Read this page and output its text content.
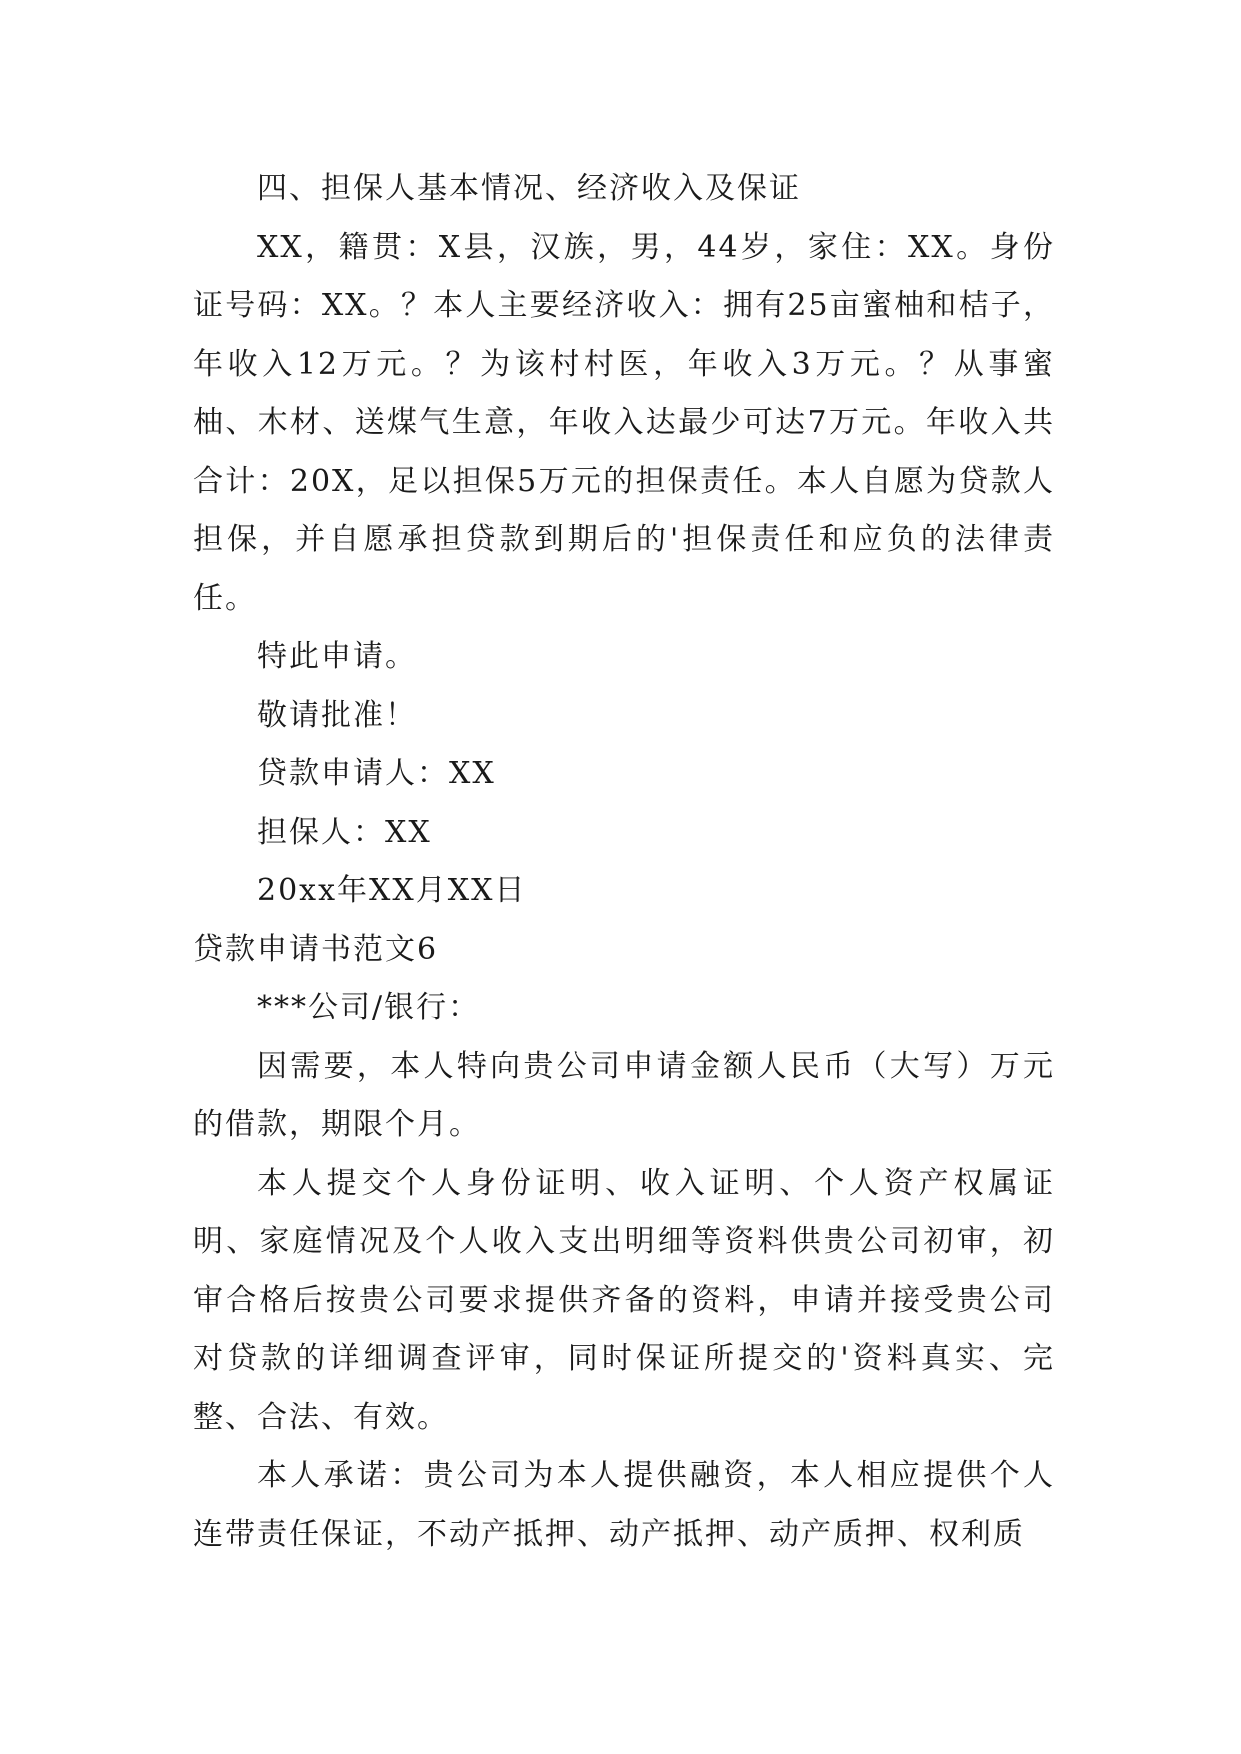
四、担保人基本情况、经济收入及保证

XX，籍贯：X县，汉族，男，44岁，家住：XX。身份证号码：XX。？本人主要经济收入：拥有25亩蜜柚和桔子，年收入12万元。？为该村村医，年收入3万元。？从事蜜柚、木材、送煤气生意，年收入达最少可达7万元。年收入共合计：20X，足以担保5万元的担保责任。本人自愿为贷款人担保，并自愿承担贷款到期后的'担保责任和应负的法律责任。

特此申请。

敬请批准！

贷款申请人：XX

担保人：XX

20xx年XX月XX日

贷款申请书范文6

***公司/银行：

因需要，本人特向贵公司申请金额人民币（大写）万元的借款，期限个月。

本人提交个人身份证明、收入证明、个人资产权属证明、家庭情况及个人收入支出明细等资料供贵公司初审，初审合格后按贵公司要求提供齐备的资料，申请并接受贵公司对贷款的详细调查评审，同时保证所提交的'资料真实、完整、合法、有效。

本人承诺：贵公司为本人提供融资，本人相应提供个人连带责任保证，不动产抵押、动产抵押、动产质押、权利质
